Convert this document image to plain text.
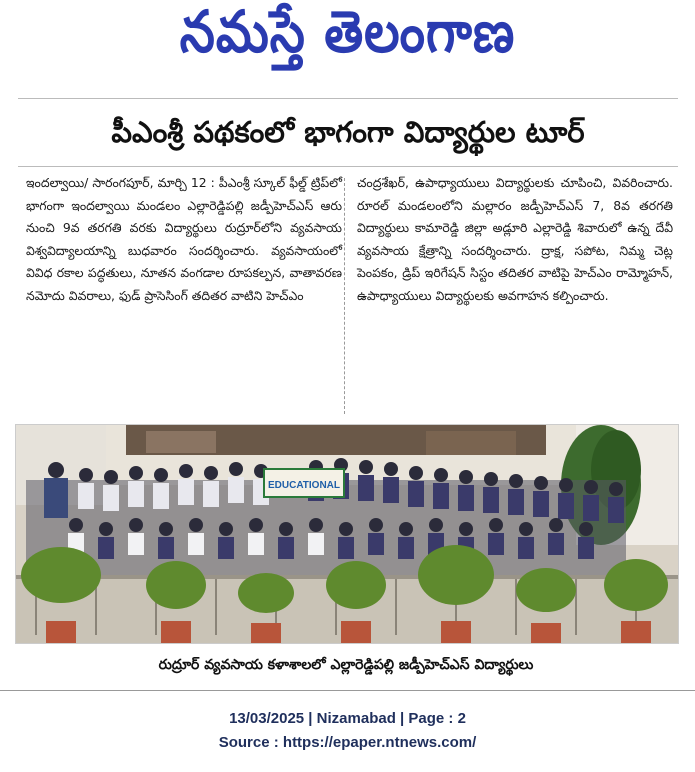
నమస్తే తెలంగాణ
పీఎంశ్రీ పథకంలో భాగంగా విద్యార్థుల టూర్
ఇందల్వాయి/ సారంగపూర్, మార్చి 12 : పీఎంశ్రీ స్కూల్ ఫీల్డ్ ట్రిప్‌లో భాగంగా ఇందల్వాయి మండలం ఎల్లారెడ్డిపల్లి జడ్పీహెచ్‌ఎస్ ఆరు నుంచి 9వ తరగతి వరకు విద్యార్థులు రుద్రూర్‌లోని వ్యవసాయ విశ్వవిద్యాలయాన్ని బుధవారం సందర్శించారు. వ్యవసాయంలో వివిధ రకాల పద్ధతులు, నూతన వంగడాల రూపకల్పన, వాతావరణ నమోదు వివరాలు, ఫుడ్ ప్రాసెసింగ్ తదితర వాటిని హెచ్‌ఎం
చంద్రశేఖర్, ఉపాధ్యాయులు విద్యార్థులకు చూపించి, వివరించారు. రూరల్ మండలంలోని మల్లారం జడ్పీహెచ్‌ఎస్ 7, 8వ తరగతి విద్యార్థులు కామారెడ్డి జిల్లా అడ్లూరి ఎల్లారెడ్డి శివారులో ఉన్న దేవీ వ్యవసాయ క్షేత్రాన్ని సందర్శించారు. ద్రాక్ష, సపోట, నిమ్మ చెట్ల పెంపకం, డ్రిప్ ఇరిగేషన్ సిస్టం తదితర వాటిపై హెచ్‌ఎం రామ్మోహన్, ఉపాధ్యాయులు విద్యార్థులకు అవగాహన కల్పించారు.
EDUCATIONAL
రుద్రూర్ వ్యవసాయ కళాశాలలో ఎల్లారెడ్డిపల్లి జడ్పీహెచ్‌ఎస్ విద్యార్థులు
13/03/2025 | Nizamabad | Page : 2
Source : https://epaper.ntnews.com/
